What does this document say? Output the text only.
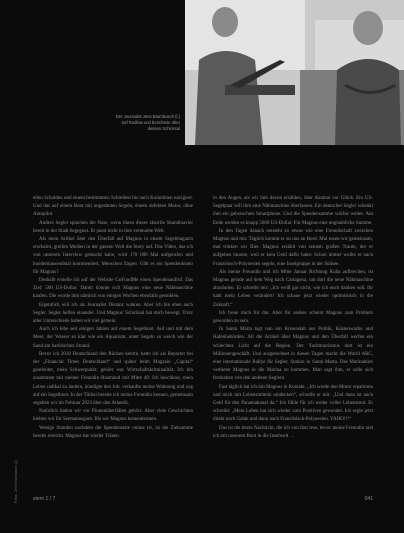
Der Journalist Jens Brambusch (l.) traf Rodlow und berichtete über dessen Schicksal

ellen Schulden und einem bestimmten Schreiben bis nach Kolumbien navigiert. Und das auf einem Boot mit ungeahnten Segeln, einem defekten Motor, ohne Autopilot.

Andere Segler sprachen die Nase, wenn ihnen dieser skurrile Skandinavier bereit in der Stadt begegnet. Er passt nicht in ihre vermutete Welt.

Als mein Artikel über den Überfall auf Magnus in einem Segelmagazin erscheint, greifen Medien in der ganzen Welt die Story auf. Das Video, das ich von unserem Interview gemacht habe, wird 170 000 Mal aufgerufen und hunderttausendmal kommentiert. Menschen fragen: Gibt es ein Spendenkonto für Magnus?

Deshalb erstelle ich auf der Website GoFundMe einen Spendenaufruf. Das Ziel: 500 US-Dollar. Damit könnte sich Magnus eine neue Nähmaschine kaufen. Die wurde ihm nämlich von einigen Wochen ebenfalls gestohlen.

Eigentlich will ich als Journalist Distanz wahren. Aber ich bin eben auch Segler. Segler helfen einander. Und Magnus' Schicksal hat mich bewegt. Trotz aller Unterschiede haben wir viel gemein.

Auch ich lebe seit einigen Jahren auf einem Segelboot. Auf und mit dem Meer, der Wasser so klar wie ein Aquarium, unter Segeln so weich wie der Sand am karibischen Strand.

Bevor ich 2018 Deutschland den Rücken kehrte, hatte ich als Reporter bei der „Financial Times Deutschland“ und später beim Magazin „Capital“ gearbeitet, mein Schwerpunkt: gehört war Wirtschaftskriminalität. Ich bin zusammen mit meiner Freundin Rosmund mit Mitte 40. Ich beschloss, mein Leben radikal zu ändern, kündigte den Job, verkaufte meine Wohnung und zog auf ein Segelboot. In der Türkei bereite ich meine Freundin kennen, gemeinsam segelten wir im Februar 2023 über den Atlantik.

Natürlich hatten wir vor Piratenüberfällen gehört. Aber viele Geschichten hielten wir für Seemannsgarn. Bis wir Magnus kennenlernten.

Wenige Stunden nachdem die Spendenseite online ist, ist die Zielsumme bereits erreicht. Magnus hat wieder Tränen

in den Augen, als wir ihm davon erzählen, über diesmal vor Glück. Ein US-Segelpaar will ihm eine Nähmaschine überlassen. Ein deutscher Segler schenkt ihm ein gebrauchtes Smartphone. Und die Spendensumme wächst weiter. Am Ende werden es knapp 5000 US-Dollar. Für Magnus eine unglaubliche Summe.

In den Tagen danach entsteht so etwas wie eine Freundschaft zwischen Magnus und mir. Täglich kommt er zu uns an Bord. Mal essen wir gemeinsam, mal trinken wir Bier. Magnus erzählt von seinem großen Traum, der er aufgeben musste, weil er kein Geld dafür hatte: Schon immer wollte er nach Französisch-Polynesien segeln, eine Inselgruppe in der Südsee.

Als meine Freundin und ich Mitte Januar Richtung Kuba aufbrechen, ist Magnus gerade auf dem Weg nach Cartagena, um dort die neue Nähmaschine abzuholen. Er schreibt mir: „Ich weiß gar nicht, wie ich euch danken soll. Ihr habt mein Leben verändert! Ich schaue jetzt wieder optimistisch in die Zukunft.“

Ich freue mich für ihn. Aber für andere scheint Magnus zum Problem geworden zu sein.

In Santa Marta tagt nun ein Krisenstab aus Politik, Küstenwache und Hafenbehörden. All die Artikel über Magnus und den Überfall werfen ein schlechtes Licht auf die Region. Der Yachttourismus dort ist ein Millionengeschäft. Und ausgerechnet in diesen Tagen macht die World ARC, eine internationale Rallye für Segler, Station in Santa Marta. Das Marinabüro verbietet Magnus in die Marina zu kommen. Man sagt ihm, er solle sich fernhalten von den anderen Seglern.

Fast täglich hat ich mit Magnus in Kontakt. „Ich werde den Motor reparieren und mich mit Lebensmitteln eindecken“, schreibt er mir. „Und dann ist auch Geld für den Panamakanal da.“ Ich fühle für ich weder voller Lebensmut. Er schreibt: „Mein Leben hat sich wieder zum Positiven gewendet. Ich segle jetzt direkt nach Galán und dann nach Französisch-Polynesien. YAHO!!!“

Das ist die letzte Nachricht, die ich von ihm lese, bevor meine Freundin und ich mit unserem Boot in die Inselwelt →

Fotos: Jens Brambusch (2)	stern 1 / 7	041
